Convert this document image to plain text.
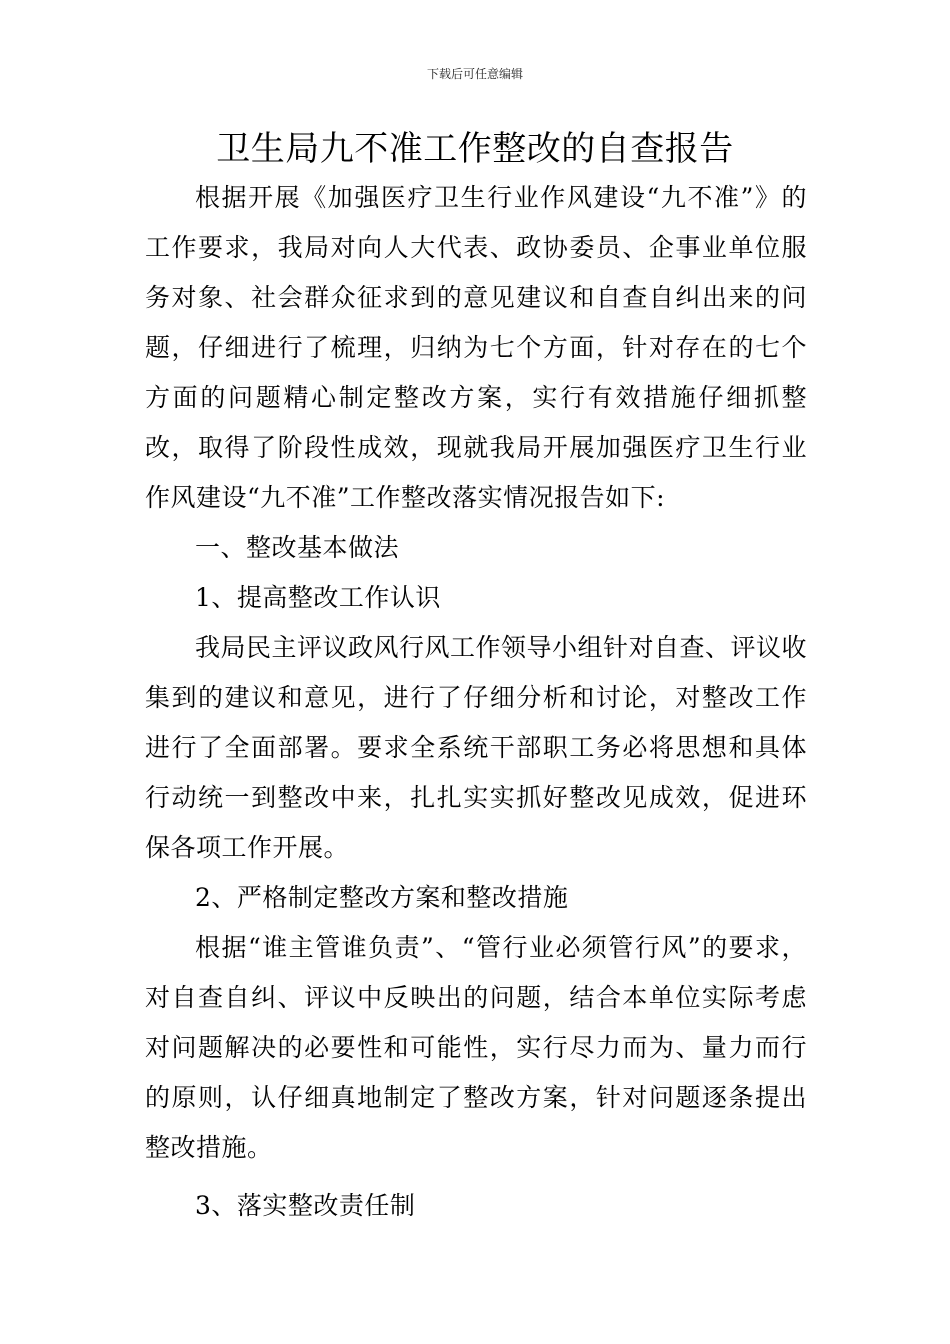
下载后可任意编辑
卫生局九不准工作整改的自查报告

根据开展《加强医疗卫生行业作风建设“九不准”》的工作要求，我局对向人大代表、政协委员、企事业单位服务对象、社会群众征求到的意见建议和自查自纠出来的问题，仔细进行了梳理，归纳为七个方面，针对存在的七个方面的问题精心制定整改方案，实行有效措施仔细抓整改，取得了阶段性成效，现就我局开展加强医疗卫生行业作风建设“九不准”工作整改落实情况报告如下:

一、整改基本做法

1、提高整改工作认识

我局民主评议政风行风工作领导小组针对自查、评议收集到的建议和意见，进行了仔细分析和讨论，对整改工作进行了全面部署。要求全系统干部职工务必将思想和具体行动统一到整改中来，扎扎实实抓好整改见成效，促进环保各项工作开展。

2、严格制定整改方案和整改措施

根据“谁主管谁负责”、“管行业必须管行风”的要求，对自查自纠、评议中反映出的问题，结合本单位实际考虑对问题解决的必要性和可能性，实行尽力而为、量力而行的原则，认仔细真地制定了整改方案，针对问题逐条提出整改措施。

3、落实整改责任制
